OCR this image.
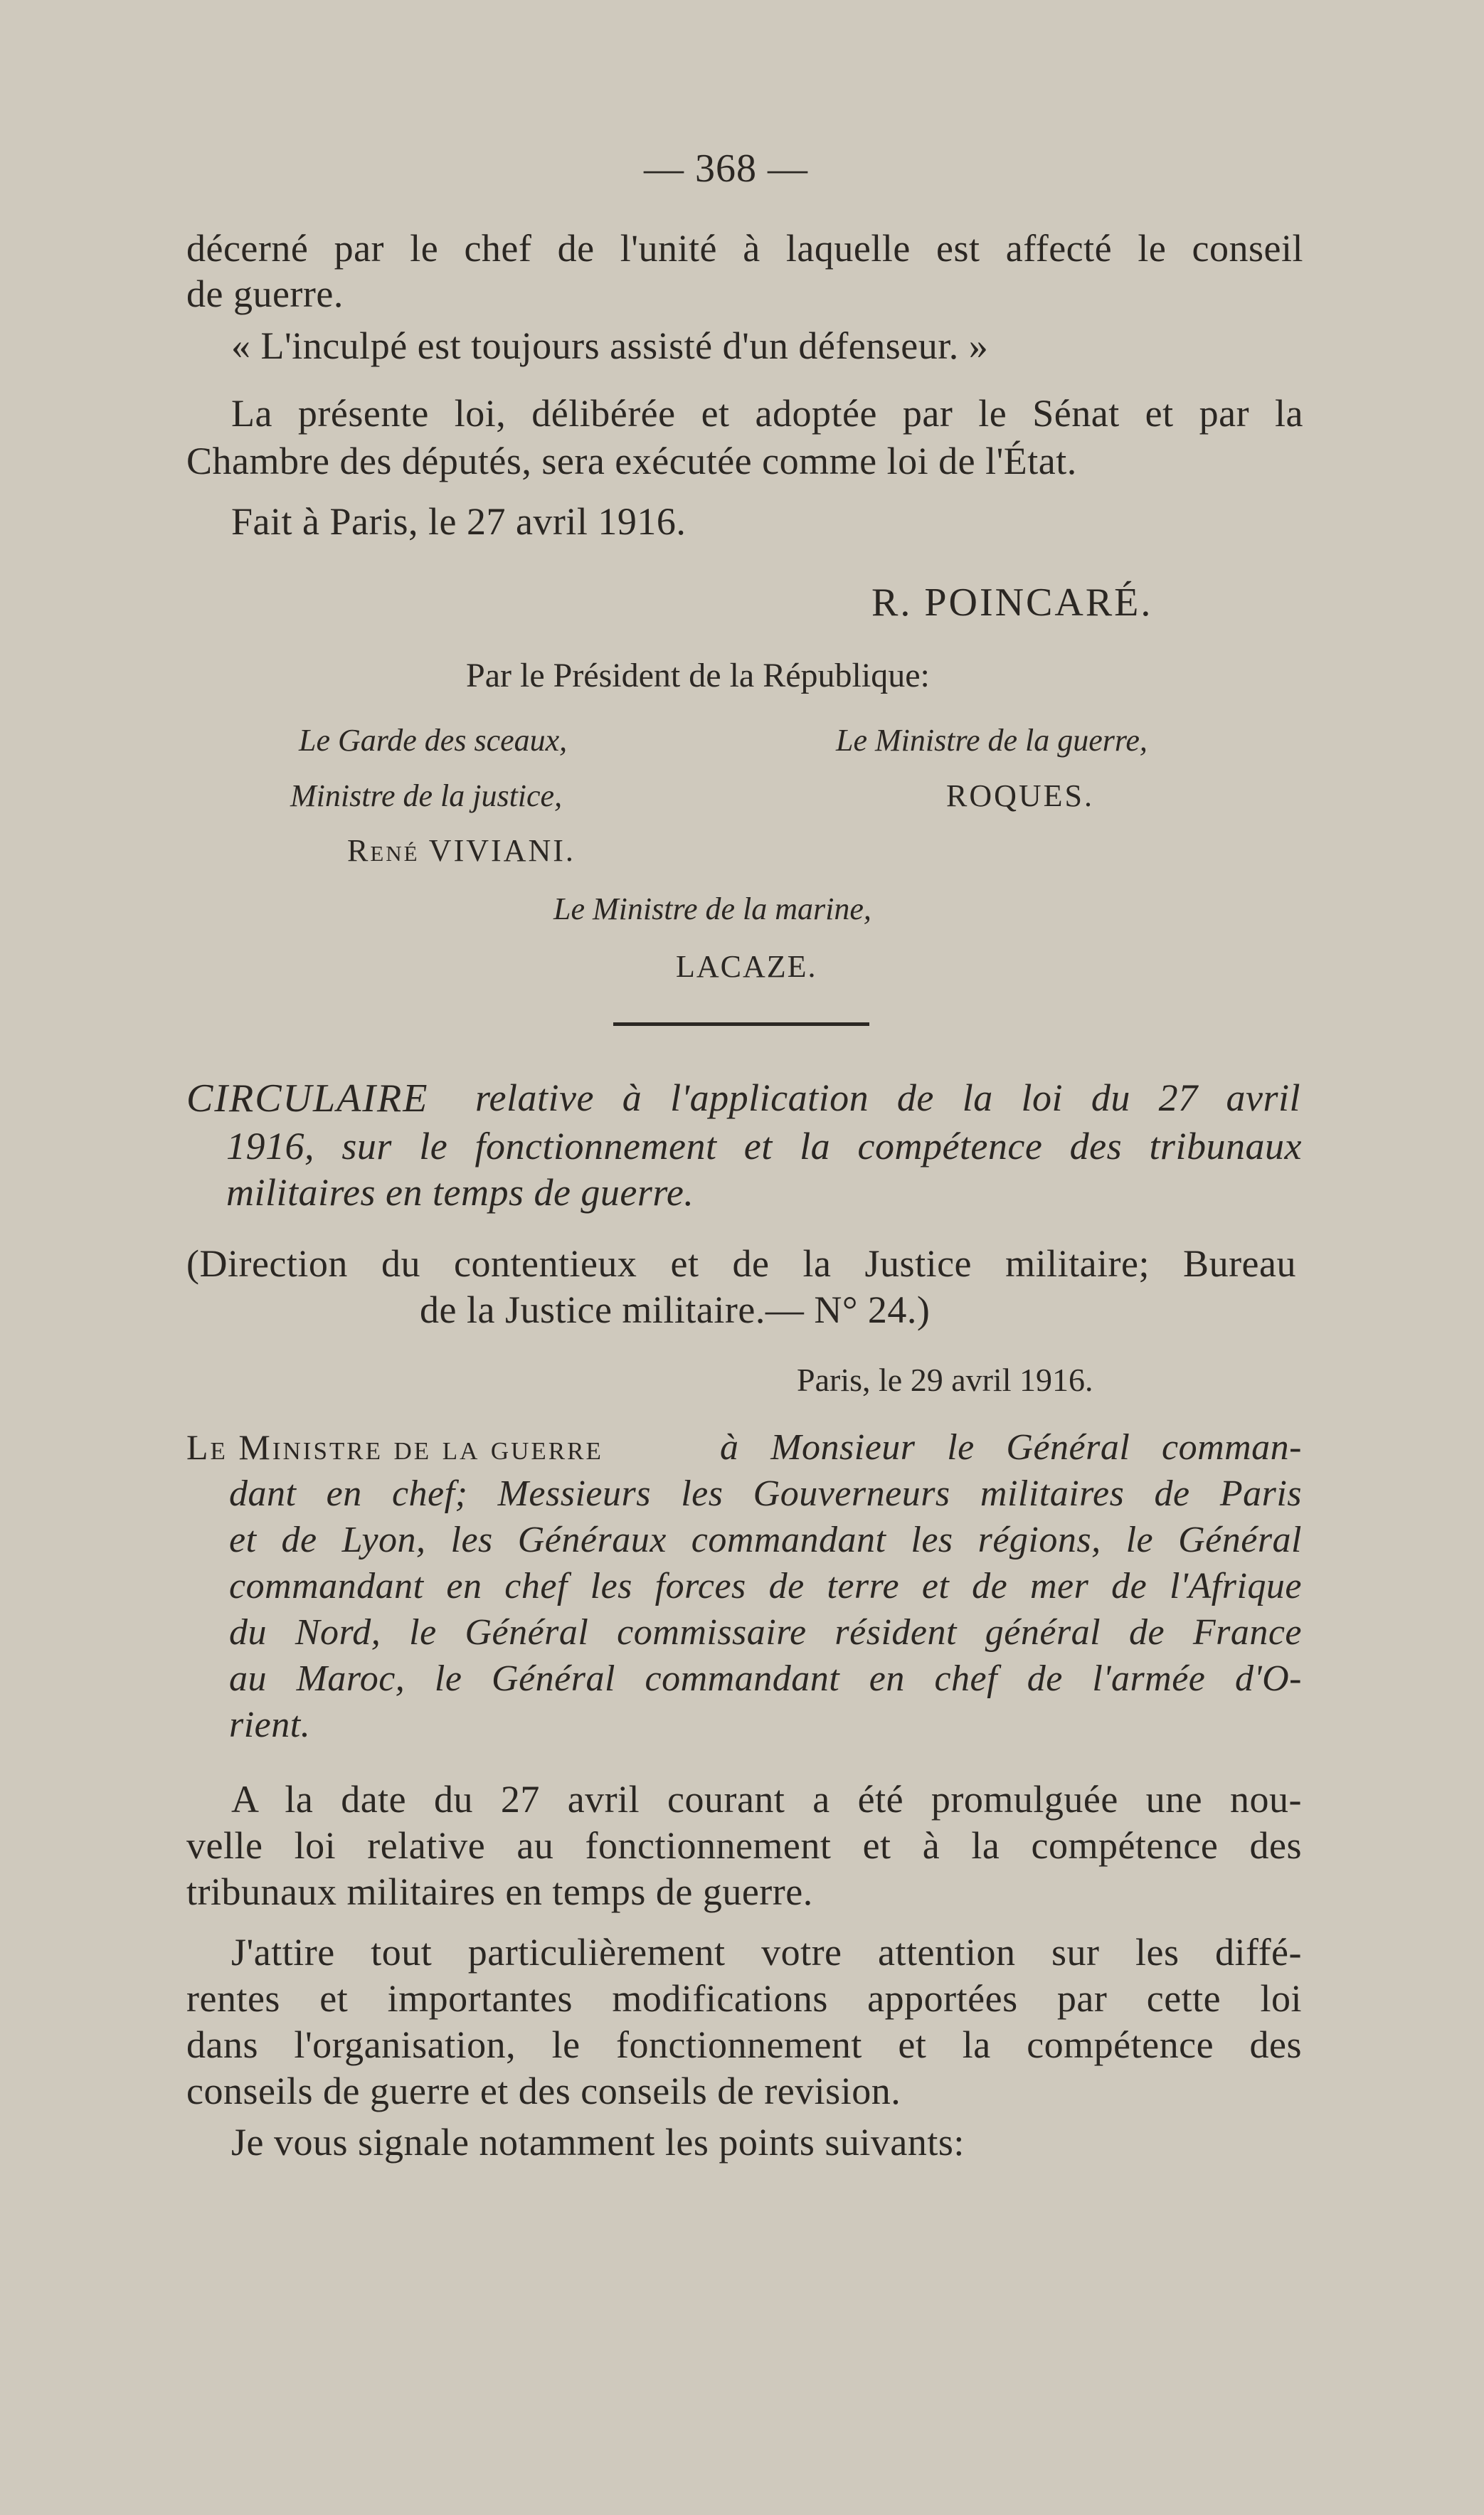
— 368 —
décerné par le chef de l'unité à laquelle est affecté le conseil
de guerre.
« L'inculpé est toujours assisté d'un défenseur. »
La présente loi, délibérée et adoptée par le Sénat et par la
Chambre des députés, sera exécutée comme loi de l'État.
Fait à Paris, le 27 avril 1916.
R. POINCARÉ.
Par le Président de la République:
Le Garde des sceaux,
Ministre de la justice,
René VIVIANI.
Le Ministre de la guerre,
ROQUES.
Le Ministre de la marine,
LACAZE.
CIRCULAIRE relative à l'application de la loi du 27 avril
1916, sur le fonctionnement et la compétence des tribunaux
militaires en temps de guerre.
(Direction du contentieux et de la Justice militaire; Bureau
de la Justice militaire.— N° 24.)
Paris, le 29 avril 1916.
Le Ministre de la guerre	à Monsieur le Général comman-
dant en chef; Messieurs les Gouverneurs militaires de Paris
et de Lyon, les Généraux commandant les régions, le Général
commandant en chef les forces de terre et de mer de l'Afrique
du Nord, le Général commissaire résident général de France
au Maroc, le Général commandant en chef de l'armée d'O-
rient.
A la date du 27 avril courant a été promulguée une nou-
velle loi relative au fonctionnement et à la compétence des
tribunaux militaires en temps de guerre.
J'attire tout particulièrement votre attention sur les diffé-
rentes et importantes modifications apportées par cette loi
dans l'organisation, le fonctionnement et la compétence des
conseils de guerre et des conseils de revision.
Je vous signale notamment les points suivants:
